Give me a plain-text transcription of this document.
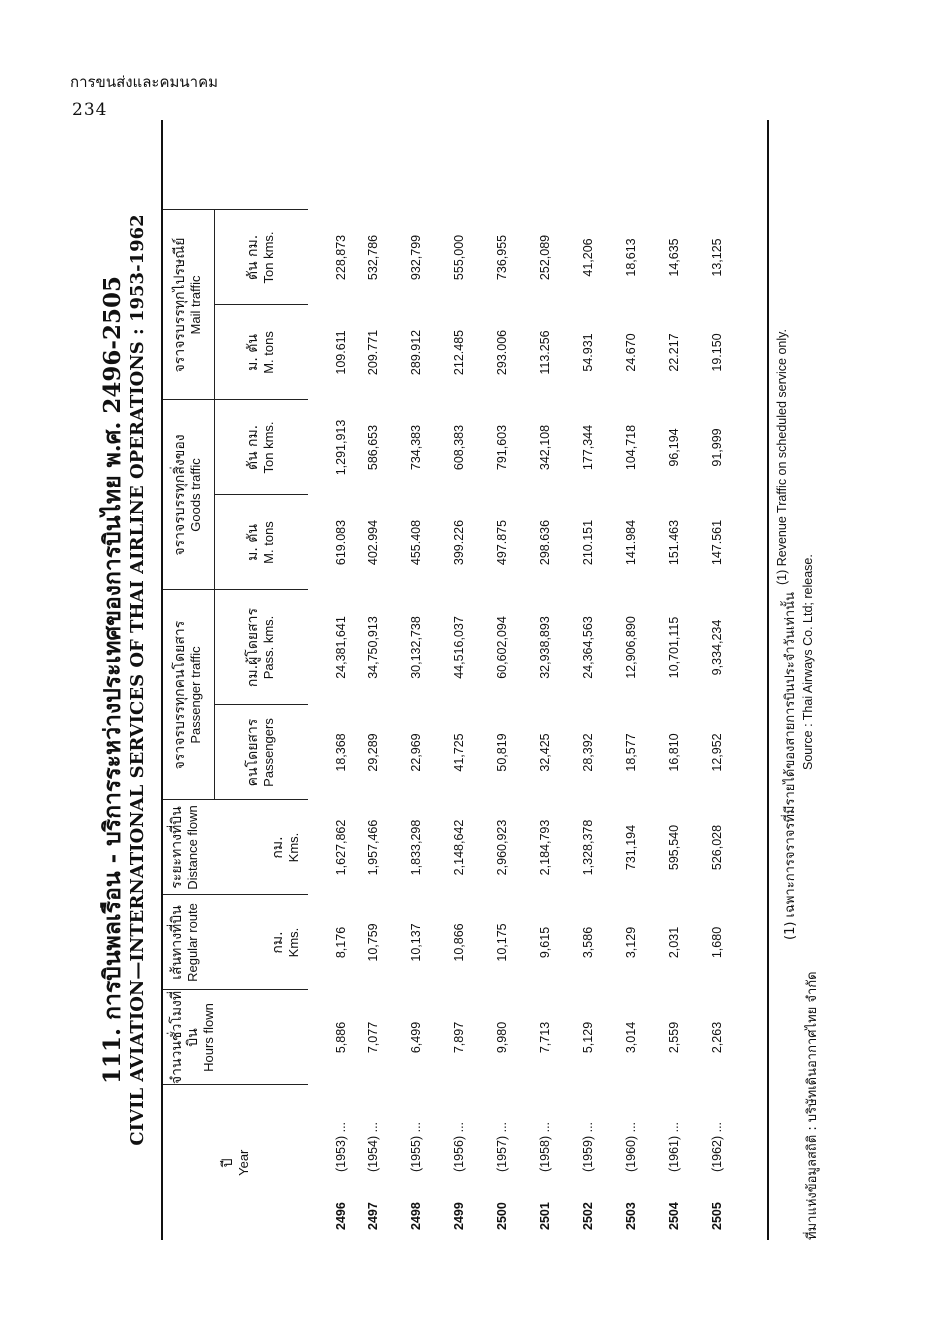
การขนส่งและคมนาคม
234
111. การบินพลเรือน - บริการระหว่างประเทศของการบินไทย พ.ศ. 2496-2505 CIVIL AVIATION—INTERNATIONAL SERVICES OF THAI AIRLINE OPERATIONS : 1953-1962
ปี Year	จำนวนชั่วโมงที่บิน Hours flown	เส้นทางที่บิน Regular route	ระยะทางที่บิน Distance flown	จราจรบรรทุกคนโดยสาร Passenger traffic		จราจรบรรทุกสิ่งของ Goods traffic		จราจรบรรทุกไปรษณีย์ Mail traffic		

				คนโดยสาร Passengers	กม.ผู้โดยสาร Pass. kms.	ม. ตัน M. tons	ตัน กม. Ton kms.	ม. ตัน M. tons	ตัน กม. Ton kms.	

		กม. Kms.	กม. Kms.							

2496(1953) ...	5,886	8,176	1,627,862	18,368	24,381,641	619.083	1,291,913	109.611	228,873	
2497(1954) ...	7,077	10,759	1,957,466	29,289	34,750,913	402.994	586,653	209.771	532,786	
2498(1955) ...	6,499	10,137	1,833,298	22,969	30,132,738	455.408	734,383	289.912	932,799	
2499(1956) ...	7,897	10,866	2,148,642	41,725	44,516,037	399.226	608,383	212.485	555,000	
2500(1957) ...	9,980	10,175	2,960,923	50,819	60,602,094	497.875	791,603	293.006	736,955	
2501(1958) ...	7,713	9,615	2,184,793	32,425	32,938,893	298.636	342,108	113.256	252,089	
2502(1959) ...	5,129	3,586	1,328,378	28,392	24,364,563	210.151	177,344	54.931	41,206	
2503(1960) ...	3,014	3,129	731,194	18,577	12,906,890	141.984	104,718	24.670	18,613	
2504(1961) ...	2,559	2,031	595,540	16,810	10,701,115	151.463	96,194	22.217	14,635	
2505(1962) ...	2,263	1,680	526,028	12,952	9,334,234	147.561	91,999	19.150	13,125	
(1) เฉพาะการจราจรที่มีรายได้ของสายการบินประจำวันเท่านั้น
(1) Revenue Traffic on scheduled service only.
ที่มาแห่งข้อมูลสถิติ : บริษัทเดินอากาศไทย จำกัด
Source : Thai Airways Co. Ltd; release.
